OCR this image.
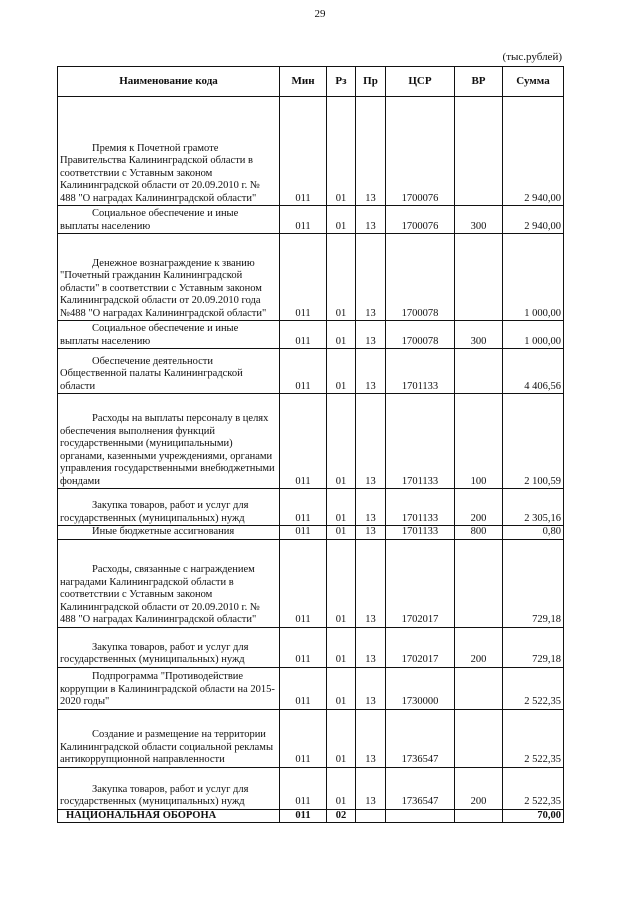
29
(тыс.рублей)
Наименование кода	Мин	Рз	Пр	ЦСР	ВР	Сумма
Премия к Почетной грамоте Правительства Калининградской области в соответствии с Уставным законом Калининградской области от 20.09.2010 г. № 488 "О наградах Калининградской области"	011	01	13	1700076		2 940,00
Социальное обеспечение и иные выплаты населению	011	01	13	1700076	300	2 940,00
Денежное вознаграждение к званию "Почетный гражданин Калининградской области" в соответствии с Уставным законом Калининградской области от 20.09.2010 года №488 "О наградах Калининградской области"	011	01	13	1700078		1 000,00
Социальное обеспечение и иные выплаты населению	011	01	13	1700078	300	1 000,00
Обеспечение деятельности Общественной палаты Калининградской области	011	01	13	1701133		4 406,56
Расходы на выплаты персоналу в целях обеспечения выполнения функций государственными (муниципальными) органами, казенными учреждениями, органами управления государственными внебюджетными фондами	011	01	13	1701133	100	2 100,59
Закупка товаров, работ и услуг для государственных (муниципальных) нужд	011	01	13	1701133	200	2 305,16
Иные бюджетные ассигнования	011	01	13	1701133	800	0,80
Расходы, связанные с награждением наградами Калининградской области в соответствии с Уставным законом Калининградской области от 20.09.2010 г. № 488 "О наградах Калининградской области"	011	01	13	1702017		729,18
Закупка товаров, работ и услуг для государственных (муниципальных) нужд	011	01	13	1702017	200	729,18
Подпрограмма "Противодействие коррупции в Калининградской области на 2015-2020 годы"	011	01	13	1730000		2 522,35
Создание и размещение на территории Калининградской области социальной рекламы антикоррупционной направленности	011	01	13	1736547		2 522,35
Закупка товаров, работ и услуг для государственных (муниципальных) нужд	011	01	13	1736547	200	2 522,35
НАЦИОНАЛЬНАЯ ОБОРОНА	011	02				70,00
